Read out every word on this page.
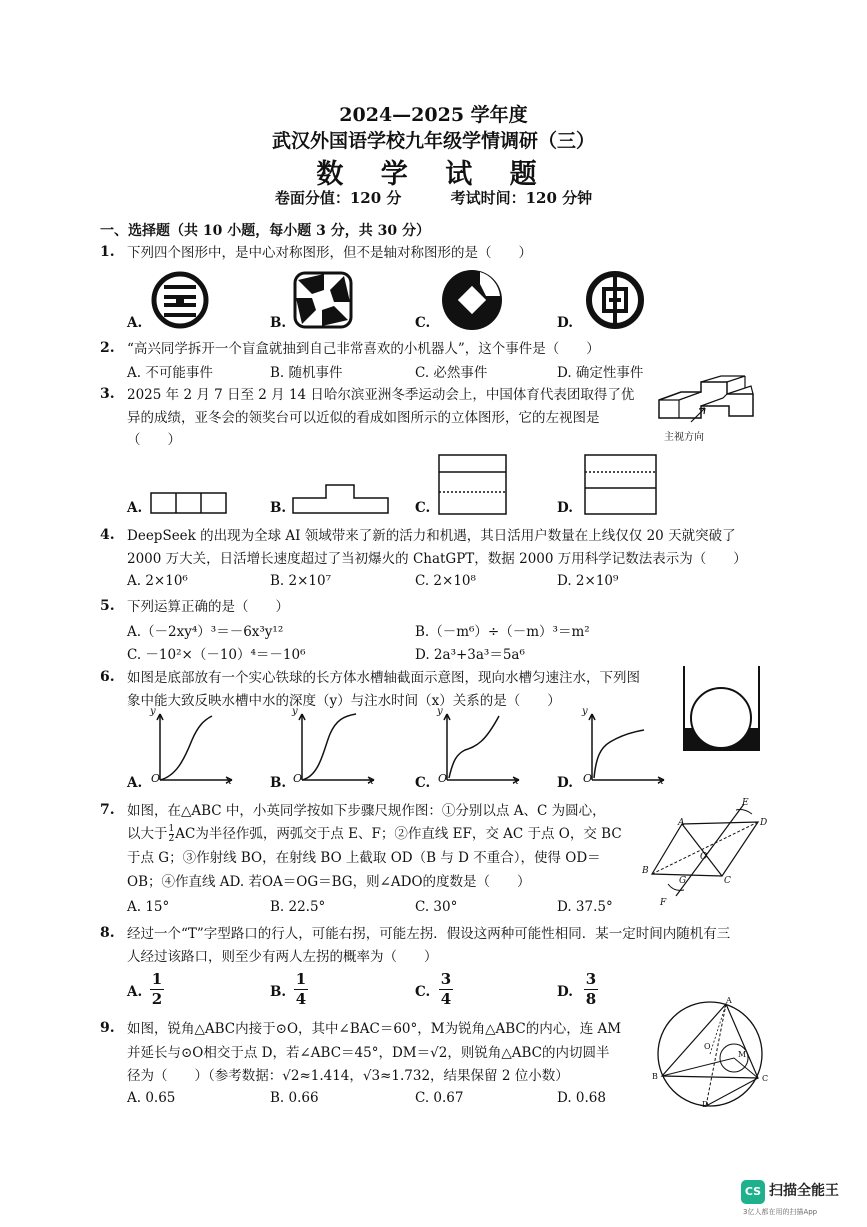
2024—2025 学年度
武汉外国语学校九年级学情调研（三）
数 学 试 题
卷面分值：120 分	考试时间：120 分钟
一、选择题（共 10 小题，每小题 3 分，共 30 分）
1. 下列四个图形中，是中心对称图形，但不是轴对称图形的是（　　）
A.	B.	C.	D.
2. “高兴同学拆开一个盲盒就抽到自己非常喜欢的小机器人”，这个事件是（　　）
A. 不可能事件	B. 随机事件	C. 必然事件	D. 确定性事件
3. 2025 年 2 月 7 日至 2 月 14 日哈尔滨亚洲冬季运动会上，中国体育代表团取得了优
异的成绩，亚冬会的领奖台可以近似的看成如图所示的立体图形，它的左视图是
（　　）	主视方向
A.	B.	C.	D.
4. DeepSeek 的出现为全球 AI 领域带来了新的活力和机遇，其日活用户数量在上线仅仅 20 天就突破了
2000 万大关，日活增长速度超过了当初爆火的 ChatGPT，数据 2000 万用科学记数法表示为（　　）
A. 2×10⁶	B. 2×10⁷	C. 2×10⁸	D. 2×10⁹
5. 下列运算正确的是（　　）
A.（－2xy⁴）³＝－6x³y¹²	B.（－m⁶）÷（－m）³＝m²
C. －10²×（－10）⁴＝－10⁶	D. 2a³+3a³＝5a⁶
6. 如图是底部放有一个实心铁球的长方体水槽轴截面示意图，现向水槽匀速注水，下列图
象中能大致反映水槽中水的深度（y）与注水时间（x）关系的是（　　）
A.	B.	C.	D.
y	y	y	y
x	x	x	x
O	O	O	O
7. 如图，在△ABC 中，小英同学按如下步骤尺规作图：①分别以点 A、C 为圆心，
以大于 $\frac{1}{2}$ AC为半径作弧，两弧交于点 E、F；②作直线 EF，交 AC 于点 O，交 BC
于点 G；③作射线 BO，在射线 BO 上截取 OD（B 与 D 不重合），使得 OD＝
OB；④作直线 AD. 若OA＝OG＝BG，则∠ADO的度数是（　　）
A. 15°	B. 22.5°	C. 30°	D. 37.5°
A
B
C
D
E
F
G
O
8. 经过一个“T”字型路口的行人，可能右拐，可能左拐．假设这两种可能性相同．某一定时间内随机有三
人经过该路口，则至少有两人左拐的概率为（　　）
A. $\frac{1}{2}$	B. $\frac{1}{4}$	C. $\frac{3}{4}$	D. $\frac{3}{8}$
9. 如图，锐角△ABC内接于⊙O，其中∠BAC＝60°，M为锐角△ABC的内心，连 AM
并延长与⊙O相交于点 D，若∠ABC＝45°，DM＝√2，则锐角△ABC的内切圆半
径为（　　）（参考数据：√2≈1.414，√3≈1.732，结果保留 2 位小数）
A. 0.65	B. 0.66	C. 0.67	D. 0.68
A
B	C
D
M
O
CS 扫描全能王
3亿人都在用的扫描App
